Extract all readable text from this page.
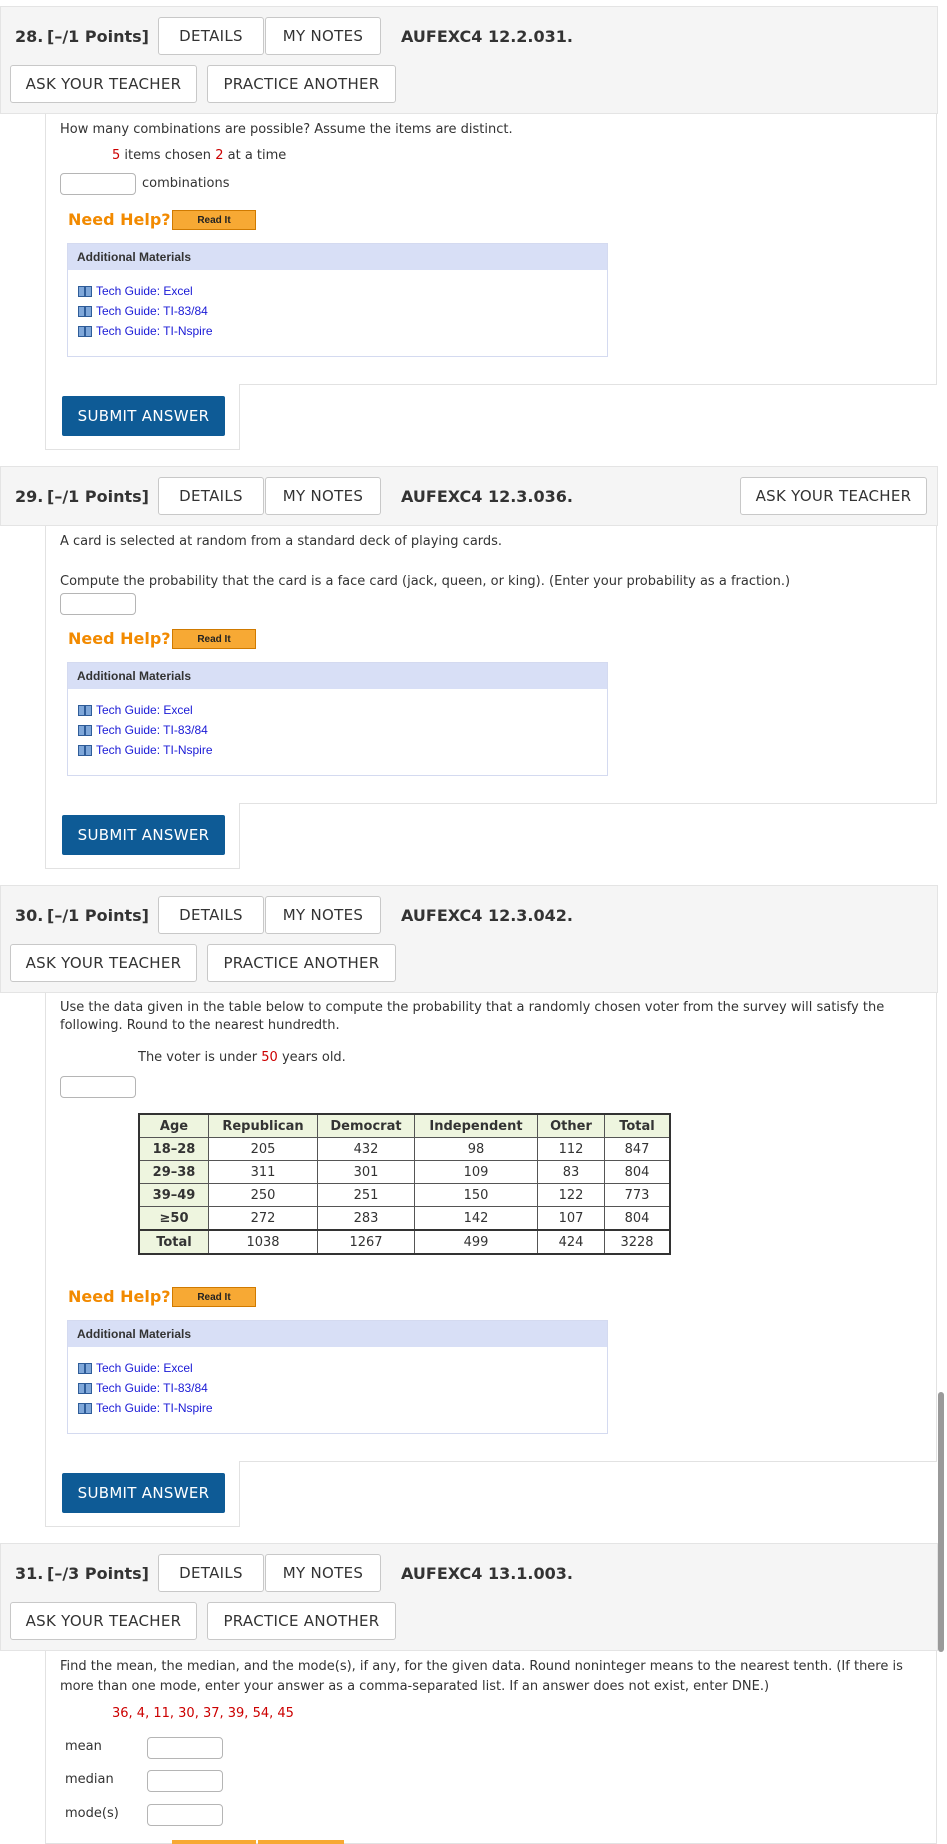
28. [–/1 Points]	DETAILS	MY NOTES	AUFEXC4 12.2.031.
ASK YOUR TEACHER	PRACTICE ANOTHER
How many combinations are possible? Assume the items are distinct.
5 items chosen 2 at a time
combinations
Need Help?	Read It
Additional Materials
Tech Guide: Excel
Tech Guide: TI-83/84
Tech Guide: TI-Nspire
SUBMIT ANSWER
29. [–/1 Points]	DETAILS	MY NOTES	AUFEXC4 12.3.036.	ASK YOUR TEACHER
A card is selected at random from a standard deck of playing cards.
Compute the probability that the card is a face card (jack, queen, or king). (Enter your probability as a fraction.)
Need Help?	Read It
Additional Materials
Tech Guide: Excel
Tech Guide: TI-83/84
Tech Guide: TI-Nspire
SUBMIT ANSWER
30. [–/1 Points]	DETAILS	MY NOTES	AUFEXC4 12.3.042.
ASK YOUR TEACHER	PRACTICE ANOTHER
Use the data given in the table below to compute the probability that a randomly chosen voter from the survey will satisfy the
following. Round to the nearest hundredth.
The voter is under 50 years old.
Age	Republican	Democrat	Independent	Other	Total
18–28	205	432	98	112	847
29–38	311	301	109	83	804
39–49	250	251	150	122	773
≥50	272	283	142	107	804
Total	1038	1267	499	424	3228
Need Help?	Read It
Additional Materials
Tech Guide: Excel
Tech Guide: TI-83/84
Tech Guide: TI-Nspire
SUBMIT ANSWER
31. [–/3 Points]	DETAILS	MY NOTES	AUFEXC4 13.1.003.
ASK YOUR TEACHER	PRACTICE ANOTHER
Find the mean, the median, and the mode(s), if any, for the given data. Round noninteger means to the nearest tenth. (If there is
more than one mode, enter your answer as a comma-separated list. If an answer does not exist, enter DNE.)
36, 4, 11, 30, 37, 39, 54, 45
mean
median
mode(s)
